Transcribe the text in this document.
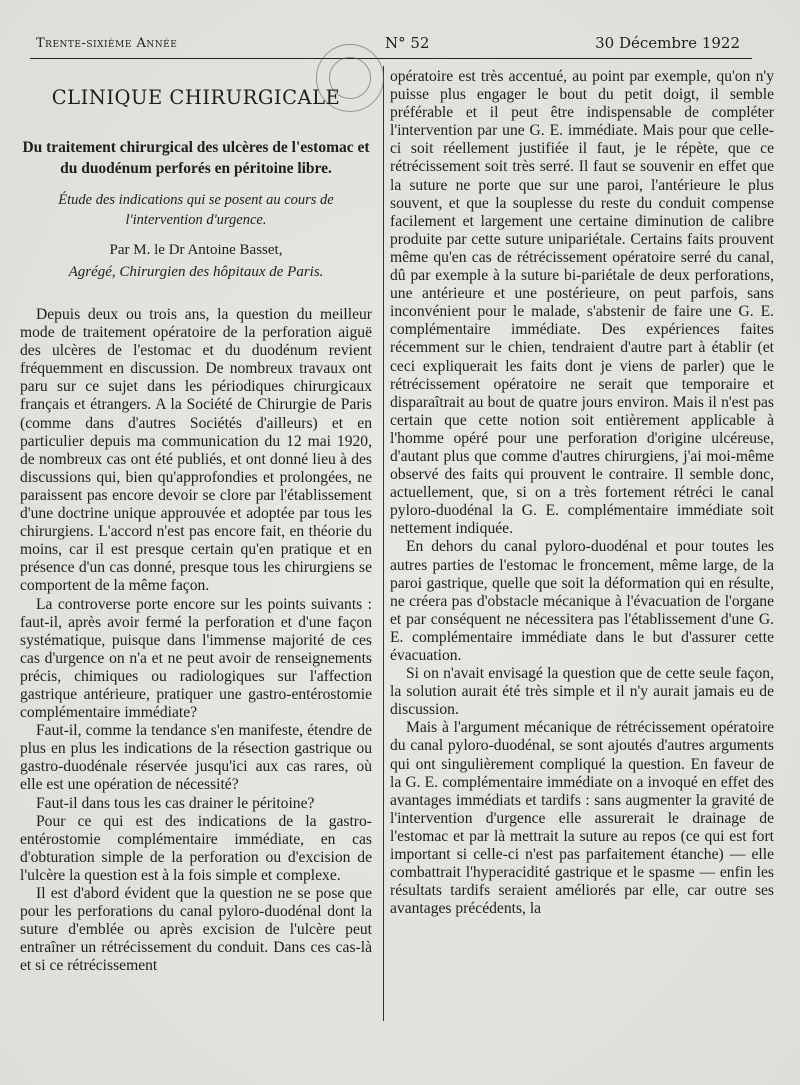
Trente-sixième Année	N° 52	30 Décembre 1922
CLINIQUE CHIRURGICALE
Du traitement chirurgical des ulcères de l'estomac et du duodénum perforés en péritoine libre.
Étude des indications qui se posent au cours de l'intervention d'urgence.
Par M. le Dr Antoine Basset,
Agrégé, Chirurgien des hôpitaux de Paris.

Depuis deux ou trois ans, la question du meilleur mode de traitement opératoire de la perforation aiguë des ulcères de l'estomac et du duodénum revient fréquemment en discussion. De nombreux travaux ont paru sur ce sujet dans les périodiques chirurgicaux français et étrangers. A la Société de Chirurgie de Paris (comme dans d'autres Sociétés d'ailleurs) et en particulier depuis ma communication du 12 mai 1920, de nombreux cas ont été publiés, et ont donné lieu à des discussions qui, bien qu'approfondies et prolongées, ne paraissent pas encore devoir se clore par l'établissement d'une doctrine unique approuvée et adoptée par tous les chirurgiens. L'accord n'est pas encore fait, en théorie du moins, car il est presque certain qu'en pratique et en présence d'un cas donné, presque tous les chirurgiens se comportent de la même façon.

La controverse porte encore sur les points suivants : faut-il, après avoir fermé la perforation et d'une façon systématique, puisque dans l'immense majorité de ces cas d'urgence on n'a et ne peut avoir de renseignements précis, chimiques ou radiologiques sur l'affection gastrique antérieure, pratiquer une gastro-entérostomie complémentaire immédiate?

Faut-il, comme la tendance s'en manifeste, étendre de plus en plus les indications de la résection gastrique ou gastro-duodénale réservée jusqu'ici aux cas rares, où elle est une opération de nécessité?

Faut-il dans tous les cas drainer le péritoine?

Pour ce qui est des indications de la gastro-entérostomie complémentaire immédiate, en cas d'obturation simple de la perforation ou d'excision de l'ulcère la question est à la fois simple et complexe.

Il est d'abord évident que la question ne se pose que pour les perforations du canal pyloro-duodénal dont la suture d'emblée ou après excision de l'ulcère peut entraîner un rétrécissement du conduit. Dans ces cas-là et si ce rétrécissement

opératoire est très accentué, au point par exemple, qu'on n'y puisse plus engager le bout du petit doigt, il semble préférable et il peut être indispensable de compléter l'intervention par une G. E. immédiate. Mais pour que celle-ci soit réellement justifiée il faut, je le répète, que ce rétrécissement soit très serré. Il faut se souvenir en effet que la suture ne porte que sur une paroi, l'antérieure le plus souvent, et que la souplesse du reste du conduit compense facilement et largement une certaine diminution de calibre produite par cette suture unipariétale. Certains faits prouvent même qu'en cas de rétrécissement opératoire serré du canal, dû par exemple à la suture bi-pariétale de deux perforations, une antérieure et une postérieure, on peut parfois, sans inconvénient pour le malade, s'abstenir de faire une G. E. complémentaire immédiate. Des expériences faites récemment sur le chien, tendraient d'autre part à établir (et ceci expliquerait les faits dont je viens de parler) que le rétrécissement opératoire ne serait que temporaire et disparaîtrait au bout de quatre jours environ. Mais il n'est pas certain que cette notion soit entièrement applicable à l'homme opéré pour une perforation d'origine ulcéreuse, d'autant plus que comme d'autres chirurgiens, j'ai moi-même observé des faits qui prouvent le contraire. Il semble donc, actuellement, que, si on a très fortement rétréci le canal pyloro-duodénal la G. E. complémentaire immédiate soit nettement indiquée.

En dehors du canal pyloro-duodénal et pour toutes les autres parties de l'estomac le froncement, même large, de la paroi gastrique, quelle que soit la déformation qui en résulte, ne créera pas d'obstacle mécanique à l'évacuation de l'organe et par conséquent ne nécessitera pas l'établissement d'une G. E. complémentaire immédiate dans le but d'assurer cette évacuation.

Si on n'avait envisagé la question que de cette seule façon, la solution aurait été très simple et il n'y aurait jamais eu de discussion.

Mais à l'argument mécanique de rétrécissement opératoire du canal pyloro-duodénal, se sont ajoutés d'autres arguments qui ont singulièrement compliqué la question. En faveur de la G. E. complémentaire immédiate on a invoqué en effet des avantages immédiats et tardifs : sans augmenter la gravité de l'intervention d'urgence elle assurerait le drainage de l'estomac et par là mettrait la suture au repos (ce qui est fort important si celle-ci n'est pas parfaitement étanche) — elle combattrait l'hyperacidité gastrique et le spasme — enfin les résultats tardifs seraient améliorés par elle, car outre ses avantages précédents, la
